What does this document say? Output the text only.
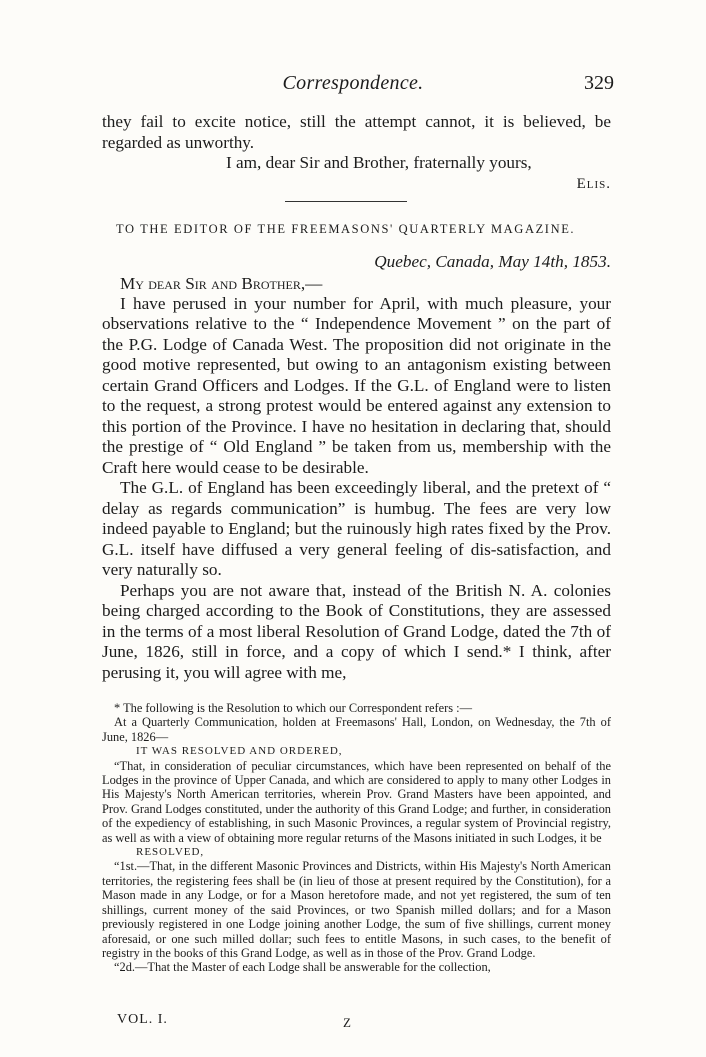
Correspondence.	329

they fail to excite notice, still the attempt cannot, it is believed, be regarded as unworthy.

I am, dear Sir and Brother, fraternally yours,

Elis.

TO THE EDITOR OF THE FREEMASONS' QUARTERLY MAGAZINE.
Quebec, Canada, May 14th, 1853.
My dear Sir and Brother,—

I have perused in your number for April, with much pleasure, your observations relative to the “ Independence Movement ” on the part of the P.G. Lodge of Canada West. The proposition did not originate in the good motive represented, but owing to an antagonism existing between certain Grand Officers and Lodges. If the G.L. of England were to listen to the request, a strong protest would be entered against any extension to this portion of the Province. I have no hesitation in declaring that, should the prestige of “ Old England ” be taken from us, membership with the Craft here would cease to be desirable.

The G.L. of England has been exceedingly liberal, and the pretext of “ delay as regards communication” is humbug. The fees are very low indeed payable to England; but the ruinously high rates fixed by the Prov. G.L. itself have diffused a very general feeling of dis-satisfaction, and very naturally so.

Perhaps you are not aware that, instead of the British N. A. colonies being charged according to the Book of Constitutions, they are assessed in the terms of a most liberal Resolution of Grand Lodge, dated the 7th of June, 1826, still in force, and a copy of which I send.* I think, after perusing it, you will agree with me,

* The following is the Resolution to which our Correspondent refers :—

At a Quarterly Communication, holden at Freemasons' Hall, London, on Wednesday, the 7th of June, 1826—

IT WAS RESOLVED AND ORDERED,

“That, in consideration of peculiar circumstances, which have been represented on behalf of the Lodges in the province of Upper Canada, and which are considered to apply to many other Lodges in His Majesty's North American territories, wherein Prov. Grand Masters have been appointed, and Prov. Grand Lodges constituted, under the authority of this Grand Lodge; and further, in consideration of the expediency of establishing, in such Masonic Provinces, a regular system of Provincial registry, as well as with a view of obtaining more regular returns of the Masons initiated in such Lodges, it be

RESOLVED,

“1st.—That, in the different Masonic Provinces and Districts, within His Majesty's North American territories, the registering fees shall be (in lieu of those at present required by the Constitution), for a Mason made in any Lodge, or for a Mason heretofore made, and not yet registered, the sum of ten shillings, current money of the said Provinces, or two Spanish milled dollars; and for a Mason previously registered in one Lodge joining another Lodge, the sum of five shillings, current money aforesaid, or one such milled dollar; such fees to entitle Masons, in such cases, to the benefit of registry in the books of this Grand Lodge, as well as in those of the Prov. Grand Lodge.

“2d.—That the Master of each Lodge shall be answerable for the collection,

VOL. I.	Z
